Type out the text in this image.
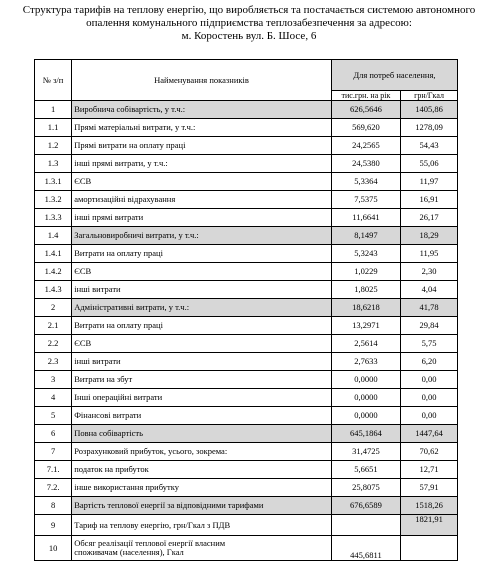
Структура тарифів на теплову енергію, що виробляється та постачається системою автономного
опалення комунального підприємства теплозабезпечення за адресою:
м. Коростень вул. Б. Шосе, 6
№ з/п	Найменування показників	Для потреб населення,	
		тис.грн. на рік	грн/Гкал
1	Виробнича собівартість, у т.ч.:	626,5646	1405,86
1.1	Прямі матеріальні витрати, у т.ч.:	569,620	1278,09
1.2	Прямі витрати на оплату праці	24,2565	54,43
1.3	інші прямі витрати, у т.ч.:	24,5380	55,06
1.3.1	ЄСВ	5,3364	11,97
1.3.2	амортизаційні відрахування	7,5375	16,91
1.3.3	інші прямі витрати	11,6641	26,17
1.4	Загальновиробничі витрати, у т.ч.:	8,1497	18,29
1.4.1	Витрати на оплату праці	5,3243	11,95
1.4.2	ЄСВ	1,0229	2,30
1.4.3	інші витрати	1,8025	4,04
2	Адміністративні витрати, у т.ч.:	18,6218	41,78
2.1	Витрати на оплату праці	13,2971	29,84
2.2	ЄСВ	2,5614	5,75
2.3	інші витрати	2,7633	6,20
3	Витрати на збут	0,0000	0,00
4	Інші операційні витрати	0,0000	0,00
5	Фінансові витрати	0,0000	0,00
6	Повна собівартість	645,1864	1447,64
7	Розрахунковий прибуток, усього, зокрема:	31,4725	70,62
7.1.	податок на прибуток	5,6651	12,71
7.2.	інше використання прибутку	25,8075	57,91
8	Вартість теплової енергії за відповідними тарифами	676,6589	1518,26
9	Тариф на теплову енергію, грн/Гкал з ПДВ		1821,91
10	Обсяг реалізації теплової енергії власним
споживачам (населення), Гкал	445,6811	
